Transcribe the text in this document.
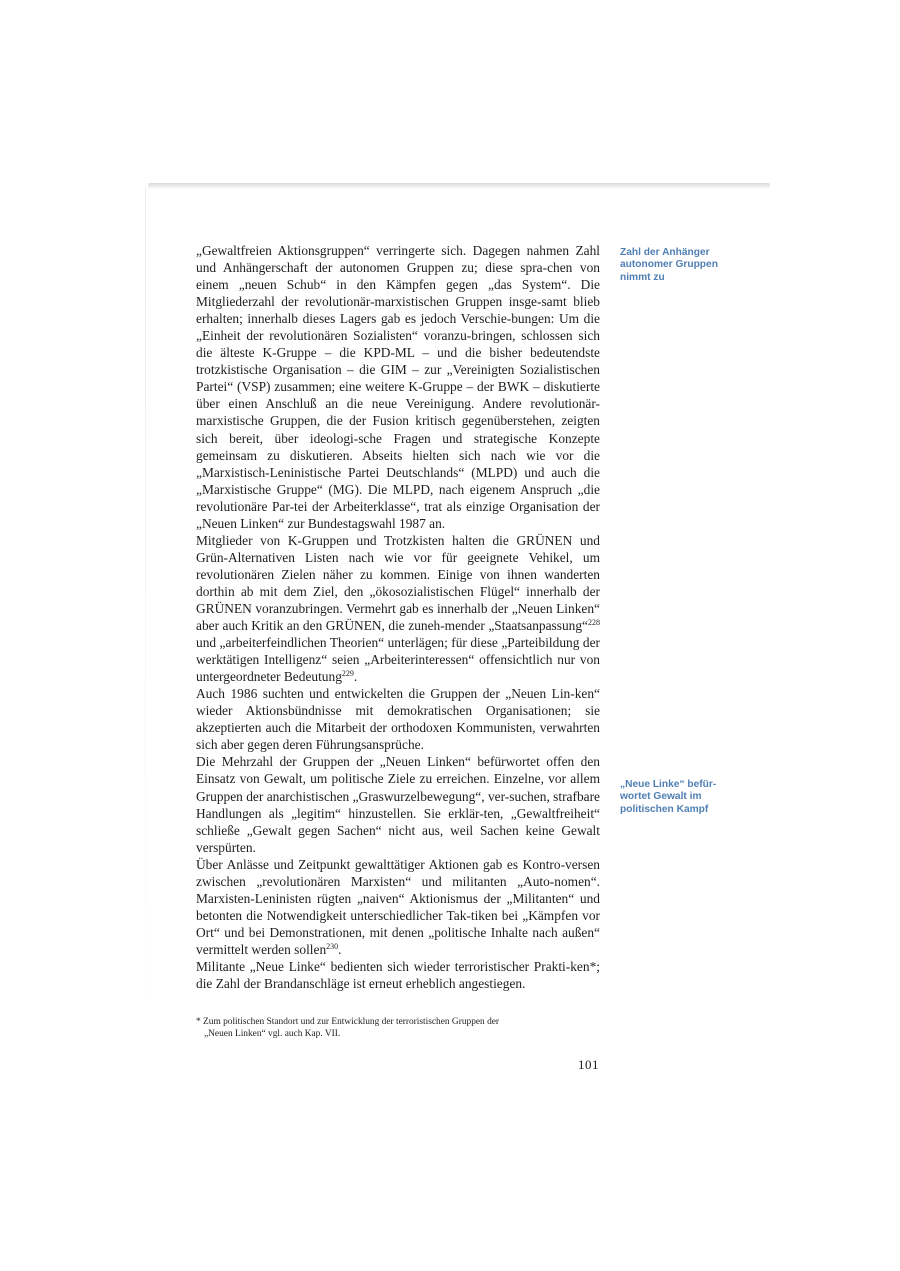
„Gewaltfreien Aktionsgruppen“ verringerte sich. Dagegen nahmen Zahl und Anhängerschaft der autonomen Gruppen zu; diese spra-chen von einem „neuen Schub“ in den Kämpfen gegen „das System“. Die Mitgliederzahl der revolutionär-marxistischen Gruppen insge-samt blieb erhalten; innerhalb dieses Lagers gab es jedoch Verschie-bungen: Um die „Einheit der revolutionären Sozialisten“ voranzu-bringen, schlossen sich die älteste K-Gruppe – die KPD-ML – und die bisher bedeutendste trotzkistische Organisation – die GIM – zur „Vereinigten Sozialistischen Partei“ (VSP) zusammen; eine weitere K-Gruppe – der BWK – diskutierte über einen Anschluß an die neue Vereinigung. Andere revolutionär-marxistische Gruppen, die der Fusion kritisch gegenüberstehen, zeigten sich bereit, über ideologi-sche Fragen und strategische Konzepte gemeinsam zu diskutieren. Abseits hielten sich nach wie vor die „Marxistisch-Leninistische Partei Deutschlands“ (MLPD) und auch die „Marxistische Gruppe“ (MG). Die MLPD, nach eigenem Anspruch „die revolutionäre Par-tei der Arbeiterklasse“, trat als einzige Organisation der „Neuen Linken“ zur Bundestagswahl 1987 an.

Mitglieder von K-Gruppen und Trotzkisten halten die GRÜNEN und Grün-Alternativen Listen nach wie vor für geeignete Vehikel, um revolutionären Zielen näher zu kommen. Einige von ihnen wanderten dorthin ab mit dem Ziel, den „ökosozialistischen Flügel“ innerhalb der GRÜNEN voranzubringen. Vermehrt gab es innerhalb der „Neuen Linken“ aber auch Kritik an den GRÜNEN, die zuneh-mender „Staatsanpassung“$^{228}$ und „arbeiterfeindlichen Theorien“ unterlägen; für diese „Parteibildung der werktätigen Intelligenz“ seien „Arbeiterinteressen“ offensichtlich nur von untergeordneter Bedeutung$^{229}$.

Auch 1986 suchten und entwickelten die Gruppen der „Neuen Lin-ken“ wieder Aktionsbündnisse mit demokratischen Organisationen; sie akzeptierten auch die Mitarbeit der orthodoxen Kommunisten, verwahrten sich aber gegen deren Führungsansprüche.

Die Mehrzahl der Gruppen der „Neuen Linken“ befürwortet offen den Einsatz von Gewalt, um politische Ziele zu erreichen. Einzelne, vor allem Gruppen der anarchistischen „Graswurzelbewegung“, ver-suchen, strafbare Handlungen als „legitim“ hinzustellen. Sie erklär-ten, „Gewaltfreiheit“ schließe „Gewalt gegen Sachen“ nicht aus, weil Sachen keine Gewalt verspürten.

Über Anlässe und Zeitpunkt gewalttätiger Aktionen gab es Kontro-versen zwischen „revolutionären Marxisten“ und militanten „Auto-nomen“. Marxisten-Leninisten rügten „naiven“ Aktionismus der „Militanten“ und betonten die Notwendigkeit unterschiedlicher Tak-tiken bei „Kämpfen vor Ort“ und bei Demonstrationen, mit denen „politische Inhalte nach außen“ vermittelt werden sollen$^{230}$.

Militante „Neue Linke“ bedienten sich wieder terroristischer Prakti-ken*; die Zahl der Brandanschläge ist erneut erheblich angestiegen.

Zahl der Anhänger autonomer Gruppen nimmt zu
„Neue Linke“ befür-wortet Gewalt im politischen Kampf
* Zum politischen Standort und zur Entwicklung der terroristischen Gruppen der
„Neuen Linken“ vgl. auch Kap. VII.
101
